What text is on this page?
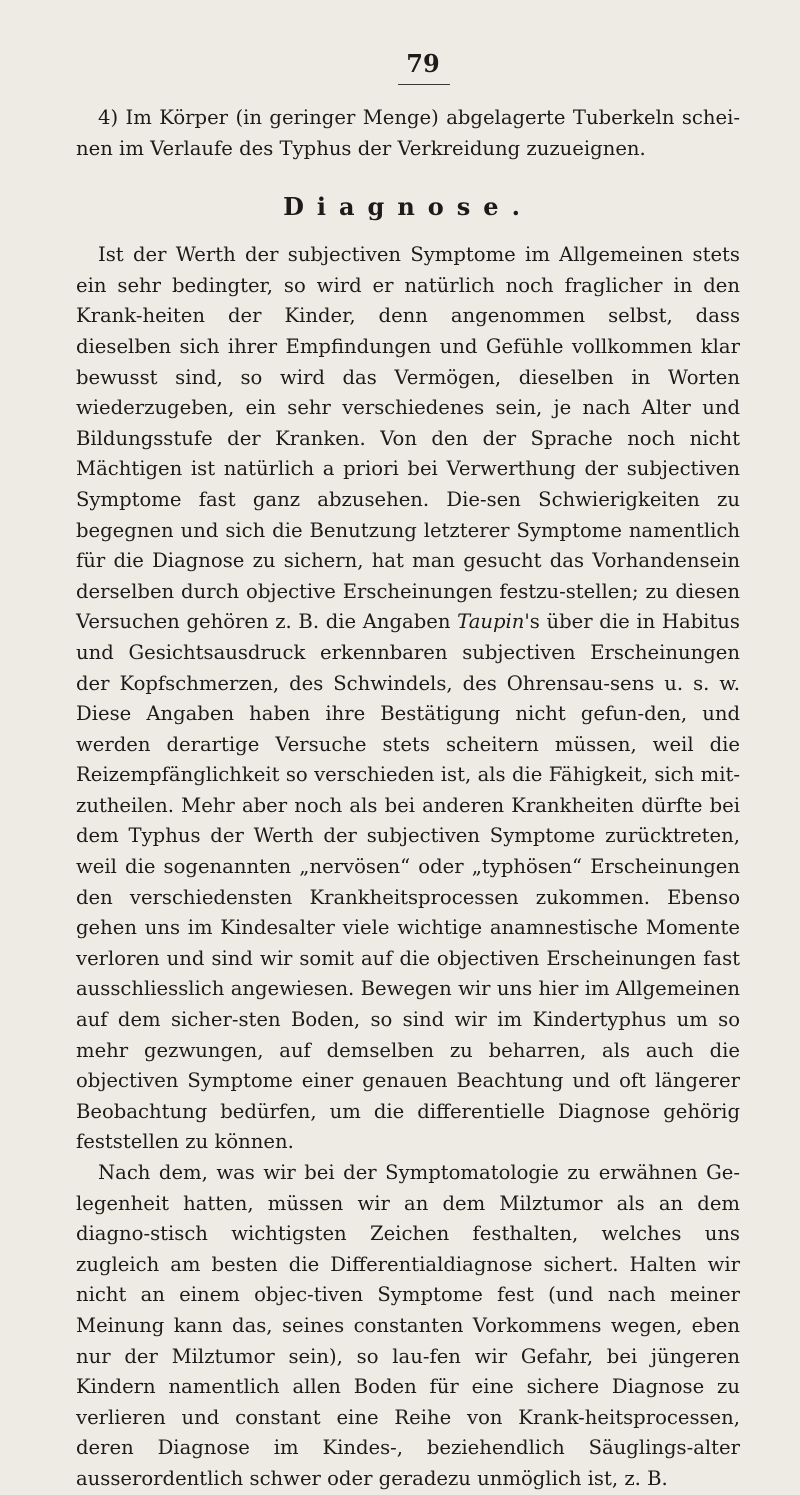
79

4) Im Körper (in geringer Menge) abgelagerte Tuberkeln schei-nen im Verlaufe des Typhus der Verkreidung zuzueignen.

Diagnose.

Ist der Werth der subjectiven Symptome im Allgemeinen stets ein sehr bedingter, so wird er natürlich noch fraglicher in den Krank-heiten der Kinder, denn angenommen selbst, dass dieselben sich ihrer Empfindungen und Gefühle vollkommen klar bewusst sind, so wird das Vermögen, dieselben in Worten wiederzugeben, ein sehr verschiedenes sein, je nach Alter und Bildungsstufe der Kranken. Von den der Sprache noch nicht Mächtigen ist natürlich a priori bei Verwerthung der subjectiven Symptome fast ganz abzusehen. Die-sen Schwierigkeiten zu begegnen und sich die Benutzung letzterer Symptome namentlich für die Diagnose zu sichern, hat man gesucht das Vorhandensein derselben durch objective Erscheinungen festzu-stellen; zu diesen Versuchen gehören z. B. die Angaben Taupin's über die in Habitus und Gesichtsausdruck erkennbaren subjectiven Erscheinungen der Kopfschmerzen, des Schwindels, des Ohrensau-sens u. s. w. Diese Angaben haben ihre Bestätigung nicht gefun-den, und werden derartige Versuche stets scheitern müssen, weil die Reizempfänglichkeit so verschieden ist, als die Fähigkeit, sich mit-zutheilen. Mehr aber noch als bei anderen Krankheiten dürfte bei dem Typhus der Werth der subjectiven Symptome zurücktreten, weil die sogenannten „nervösen“ oder „typhösen“ Erscheinungen den verschiedensten Krankheitsprocessen zukommen. Ebenso gehen uns im Kindesalter viele wichtige anamnestische Momente verloren und sind wir somit auf die objectiven Erscheinungen fast ausschliesslich angewiesen. Bewegen wir uns hier im Allgemeinen auf dem sicher-sten Boden, so sind wir im Kindertyphus um so mehr gezwungen, auf demselben zu beharren, als auch die objectiven Symptome einer genauen Beachtung und oft längerer Beobachtung bedürfen, um die differentielle Diagnose gehörig feststellen zu können.

Nach dem, was wir bei der Symptomatologie zu erwähnen Ge-legenheit hatten, müssen wir an dem Milztumor als an dem diagno-stisch wichtigsten Zeichen festhalten, welches uns zugleich am besten die Differentialdiagnose sichert. Halten wir nicht an einem objec-tiven Symptome fest (und nach meiner Meinung kann das, seines constanten Vorkommens wegen, eben nur der Milztumor sein), so lau-fen wir Gefahr, bei jüngeren Kindern namentlich allen Boden für eine sichere Diagnose zu verlieren und constant eine Reihe von Krank-heitsprocessen, deren Diagnose im Kindes-, beziehendlich Säuglings-alter ausserordentlich schwer oder geradezu unmöglich ist, z. B.
